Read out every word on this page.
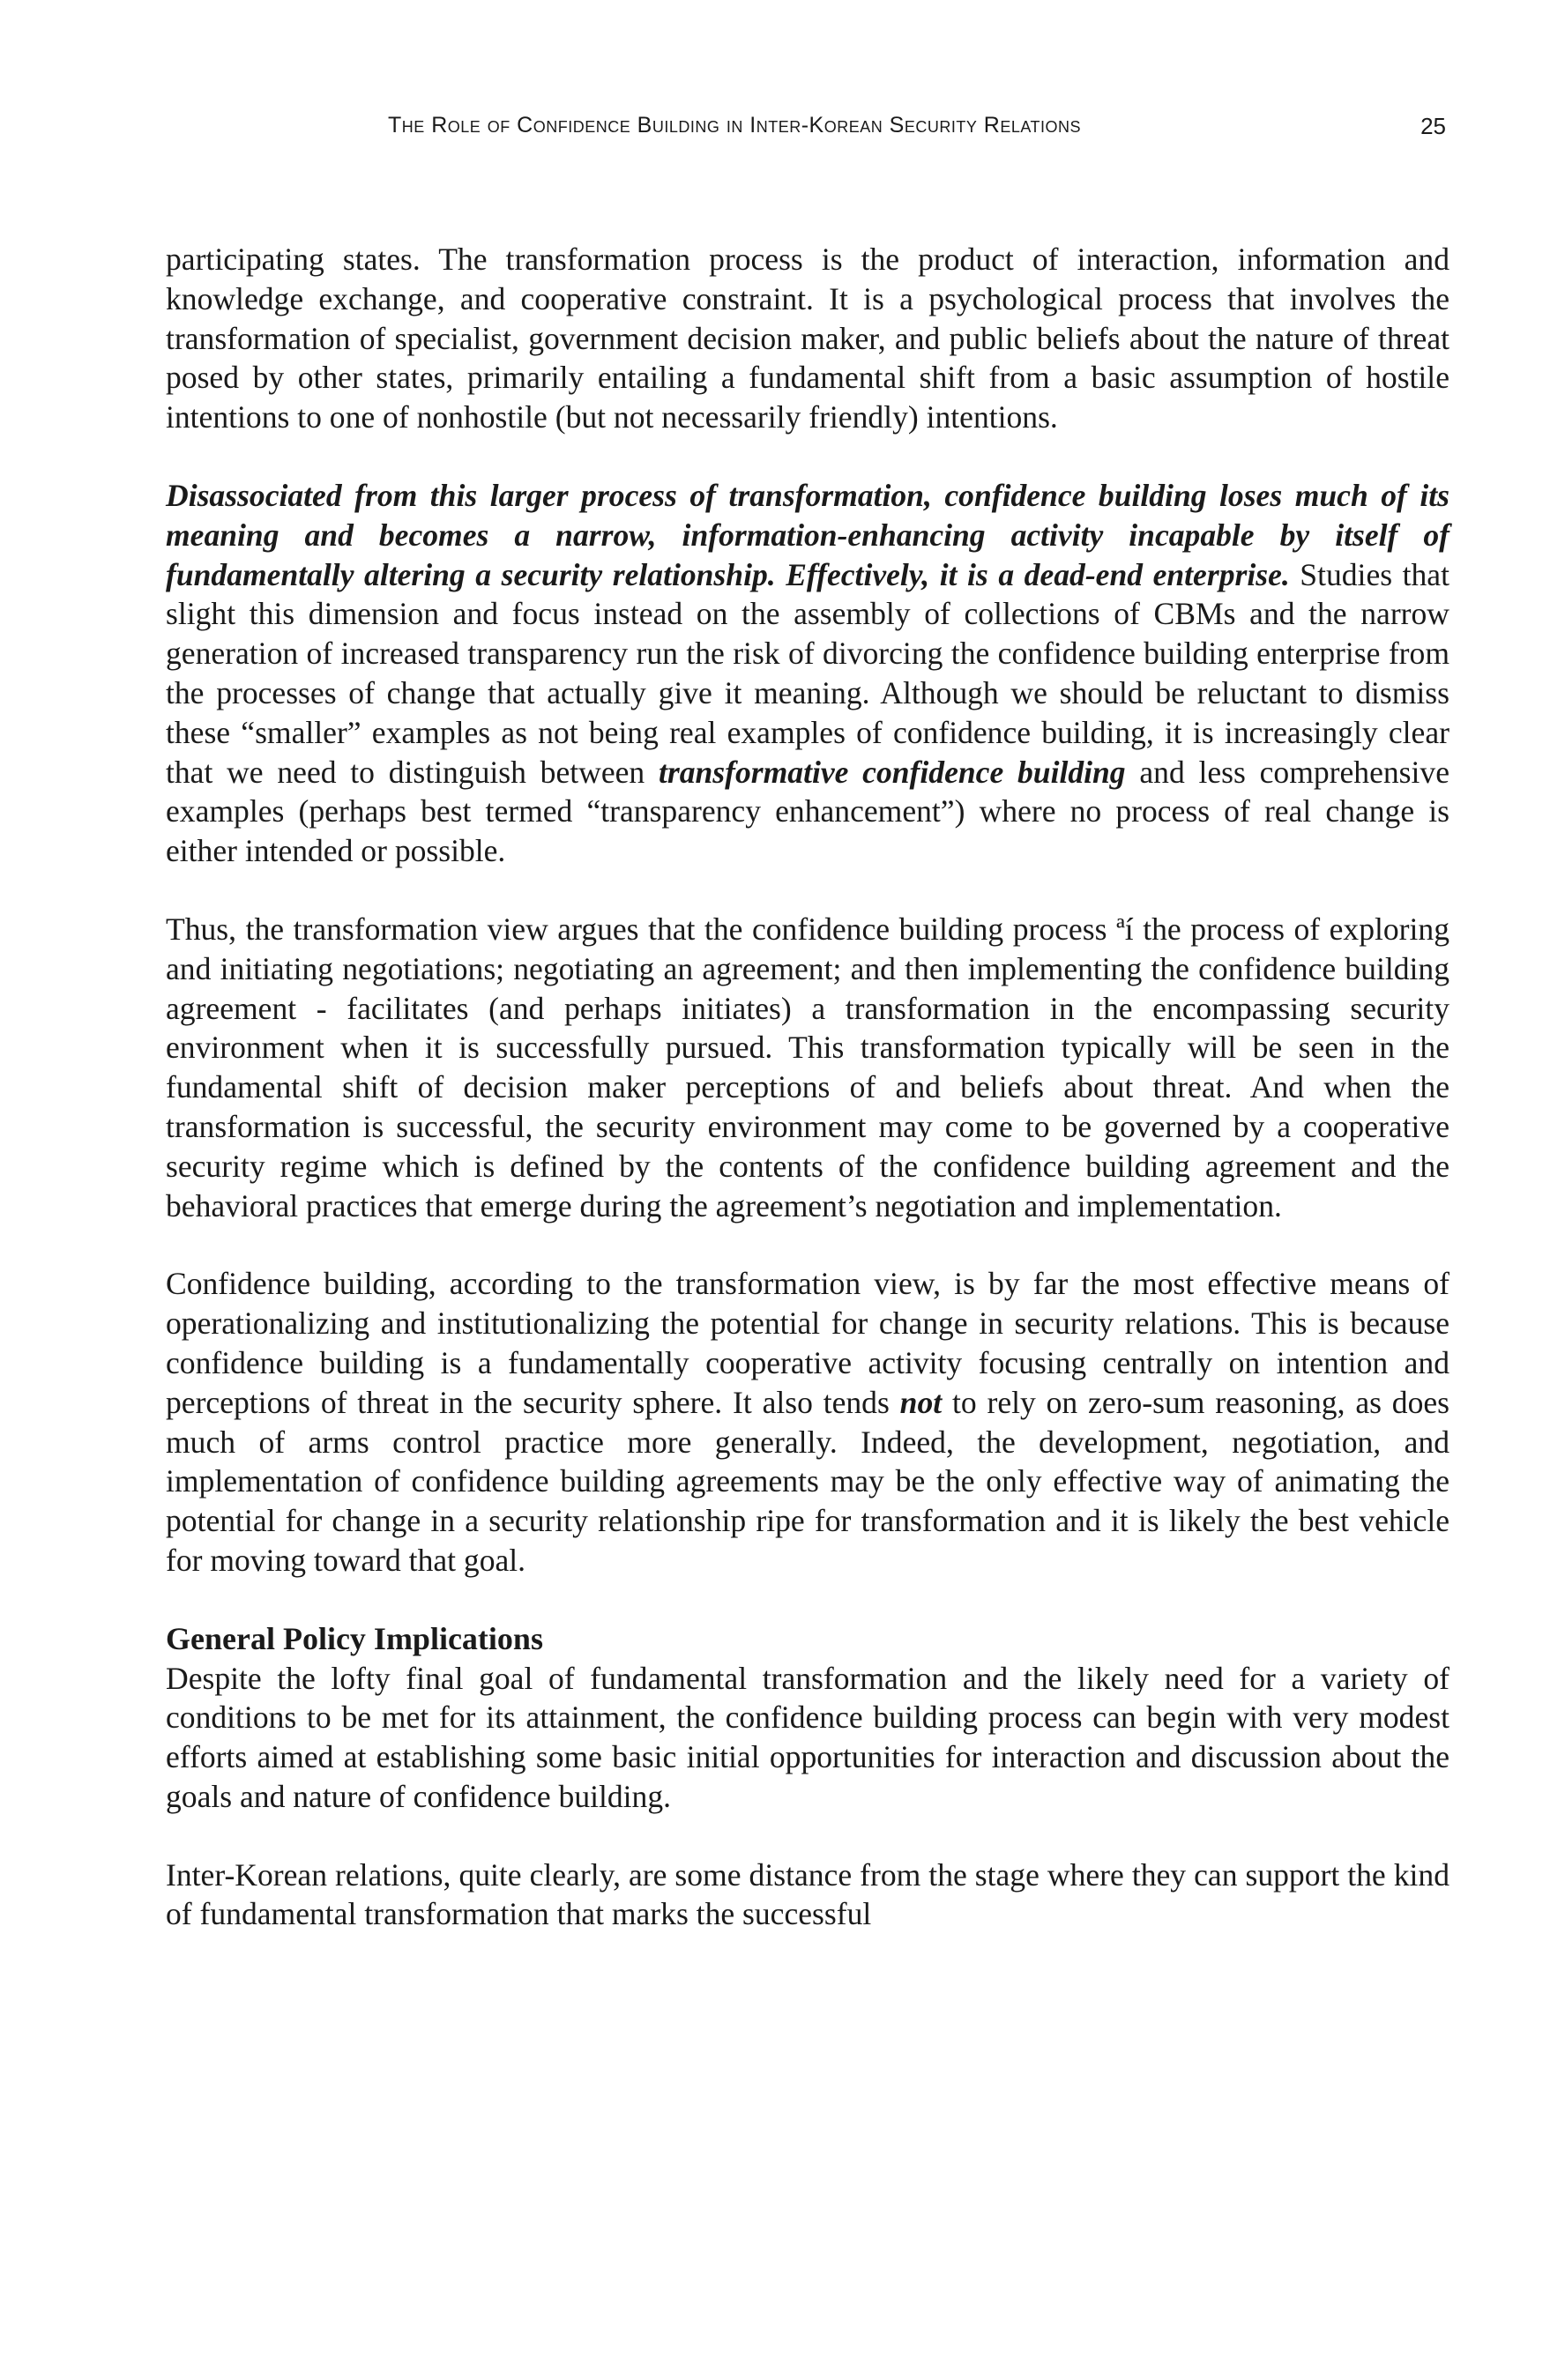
The Role of Confidence Building in Inter-Korean Security Relations	25

participating states. The transformation process is the product of interaction, information and knowledge exchange, and cooperative constraint. It is a psychological process that involves the transformation of specialist, government decision maker, and public beliefs about the nature of threat posed by other states, primarily entailing a fundamental shift from a basic assumption of hostile intentions to one of nonhostile (but not necessarily friendly) intentions.

Disassociated from this larger process of transformation, confidence building loses much of its meaning and becomes a narrow, information-enhancing activity incapable by itself of fundamentally altering a security relationship. Effectively, it is a dead-end enterprise. Studies that slight this dimension and focus instead on the assembly of collections of CBMs and the narrow generation of increased transparency run the risk of divorcing the confidence building enterprise from the processes of change that actually give it meaning. Although we should be reluctant to dismiss these “smaller” examples as not being real examples of confidence building, it is increasingly clear that we need to distinguish between transformative confidence building and less comprehensive examples (perhaps best termed “transparency enhancement”) where no process of real change is either intended or possible.

Thus, the transformation view argues that the confidence building process ªí the process of exploring and initiating negotiations; negotiating an agreement; and then implementing the confidence building agreement - facilitates (and perhaps initiates) a transformation in the encompassing security environment when it is successfully pursued. This transformation typically will be seen in the fundamental shift of decision maker perceptions of and beliefs about threat. And when the transformation is successful, the security environment may come to be governed by a cooperative security regime which is defined by the contents of the confidence building agreement and the behavioral practices that emerge during the agreement’s negotiation and implementation.

Confidence building, according to the transformation view, is by far the most effective means of operationalizing and institutionalizing the potential for change in security relations. This is because confidence building is a fundamentally cooperative activity focusing centrally on intention and perceptions of threat in the security sphere. It also tends not to rely on zero-sum reasoning, as does much of arms control practice more generally. Indeed, the development, negotiation, and implementation of confidence building agreements may be the only effective way of animating the potential for change in a security relationship ripe for transformation and it is likely the best vehicle for moving toward that goal.

General Policy Implications

Despite the lofty final goal of fundamental transformation and the likely need for a variety of conditions to be met for its attainment, the confidence building process can begin with very modest efforts aimed at establishing some basic initial opportunities for interaction and discussion about the goals and nature of confidence building.

Inter-Korean relations, quite clearly, are some distance from the stage where they can support the kind of fundamental transformation that marks the successful
